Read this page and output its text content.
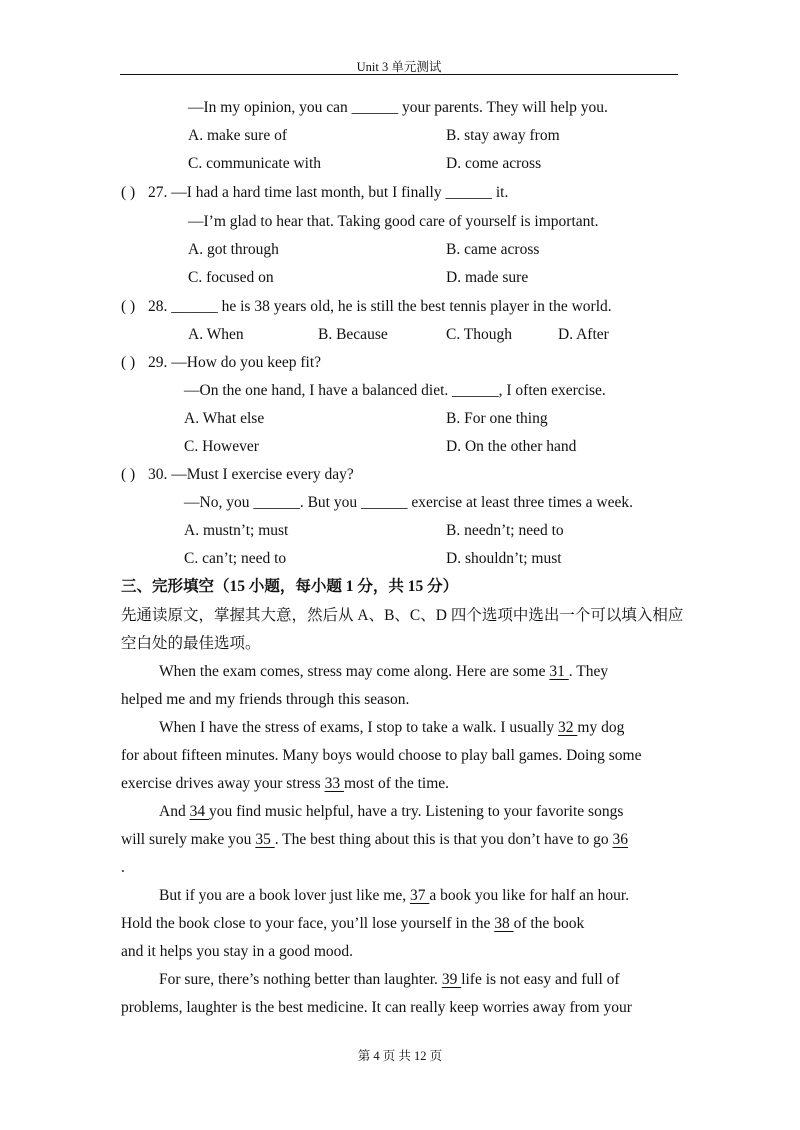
Unit 3 单元测试
—In my opinion, you can ______ your parents. They will help you.
A. make sure of	B. stay away from
C. communicate with	D. come across
( ) 27. —I had a hard time last month, but I finally ______ it.
—I’m glad to hear that. Taking good care of yourself is important.
A. got through	B. came across
C. focused on	D. made sure
( ) 28. ______ he is 38 years old, he is still the best tennis player in the world.
A. When	B. Because	C. Though	D. After
( ) 29. —How do you keep fit?
—On the one hand, I have a balanced diet. ______, I often exercise.
A. What else	B. For one thing
C. However	D. On the other hand
( ) 30. —Must I exercise every day?
—No, you ______. But you ______ exercise at least three times a week.
A. mustn’t; must	B. needn’t; need to
C. can’t; need to	D. shouldn’t; must
三、完形填空（15 小题，每小题 1 分，共 15 分）
先通读原文，掌握其大意，然后从 A、B、C、D 四个选项中选出一个可以填入相应
空白处的最佳选项。
When the exam comes, stress may come along. Here are some 31 . They
helped me and my friends through this season.
When I have the stress of exams, I stop to take a walk. I usually 32 my dog
for about fifteen minutes. Many boys would choose to play ball games. Doing some
exercise drives away your stress 33 most of the time.
And 34 you find music helpful, have a try. Listening to your favorite songs
will surely make you 35 . The best thing about this is that you don’t have to go 36
.
But if you are a book lover just like me, 37 a book you like for half an hour.
Hold the book close to your face, you’ll lose yourself in the 38 of the book
and it helps you stay in a good mood.
For sure, there’s nothing better than laughter. 39 life is not easy and full of
problems, laughter is the best medicine. It can really keep worries away from your
第 4 页 共 12 页
